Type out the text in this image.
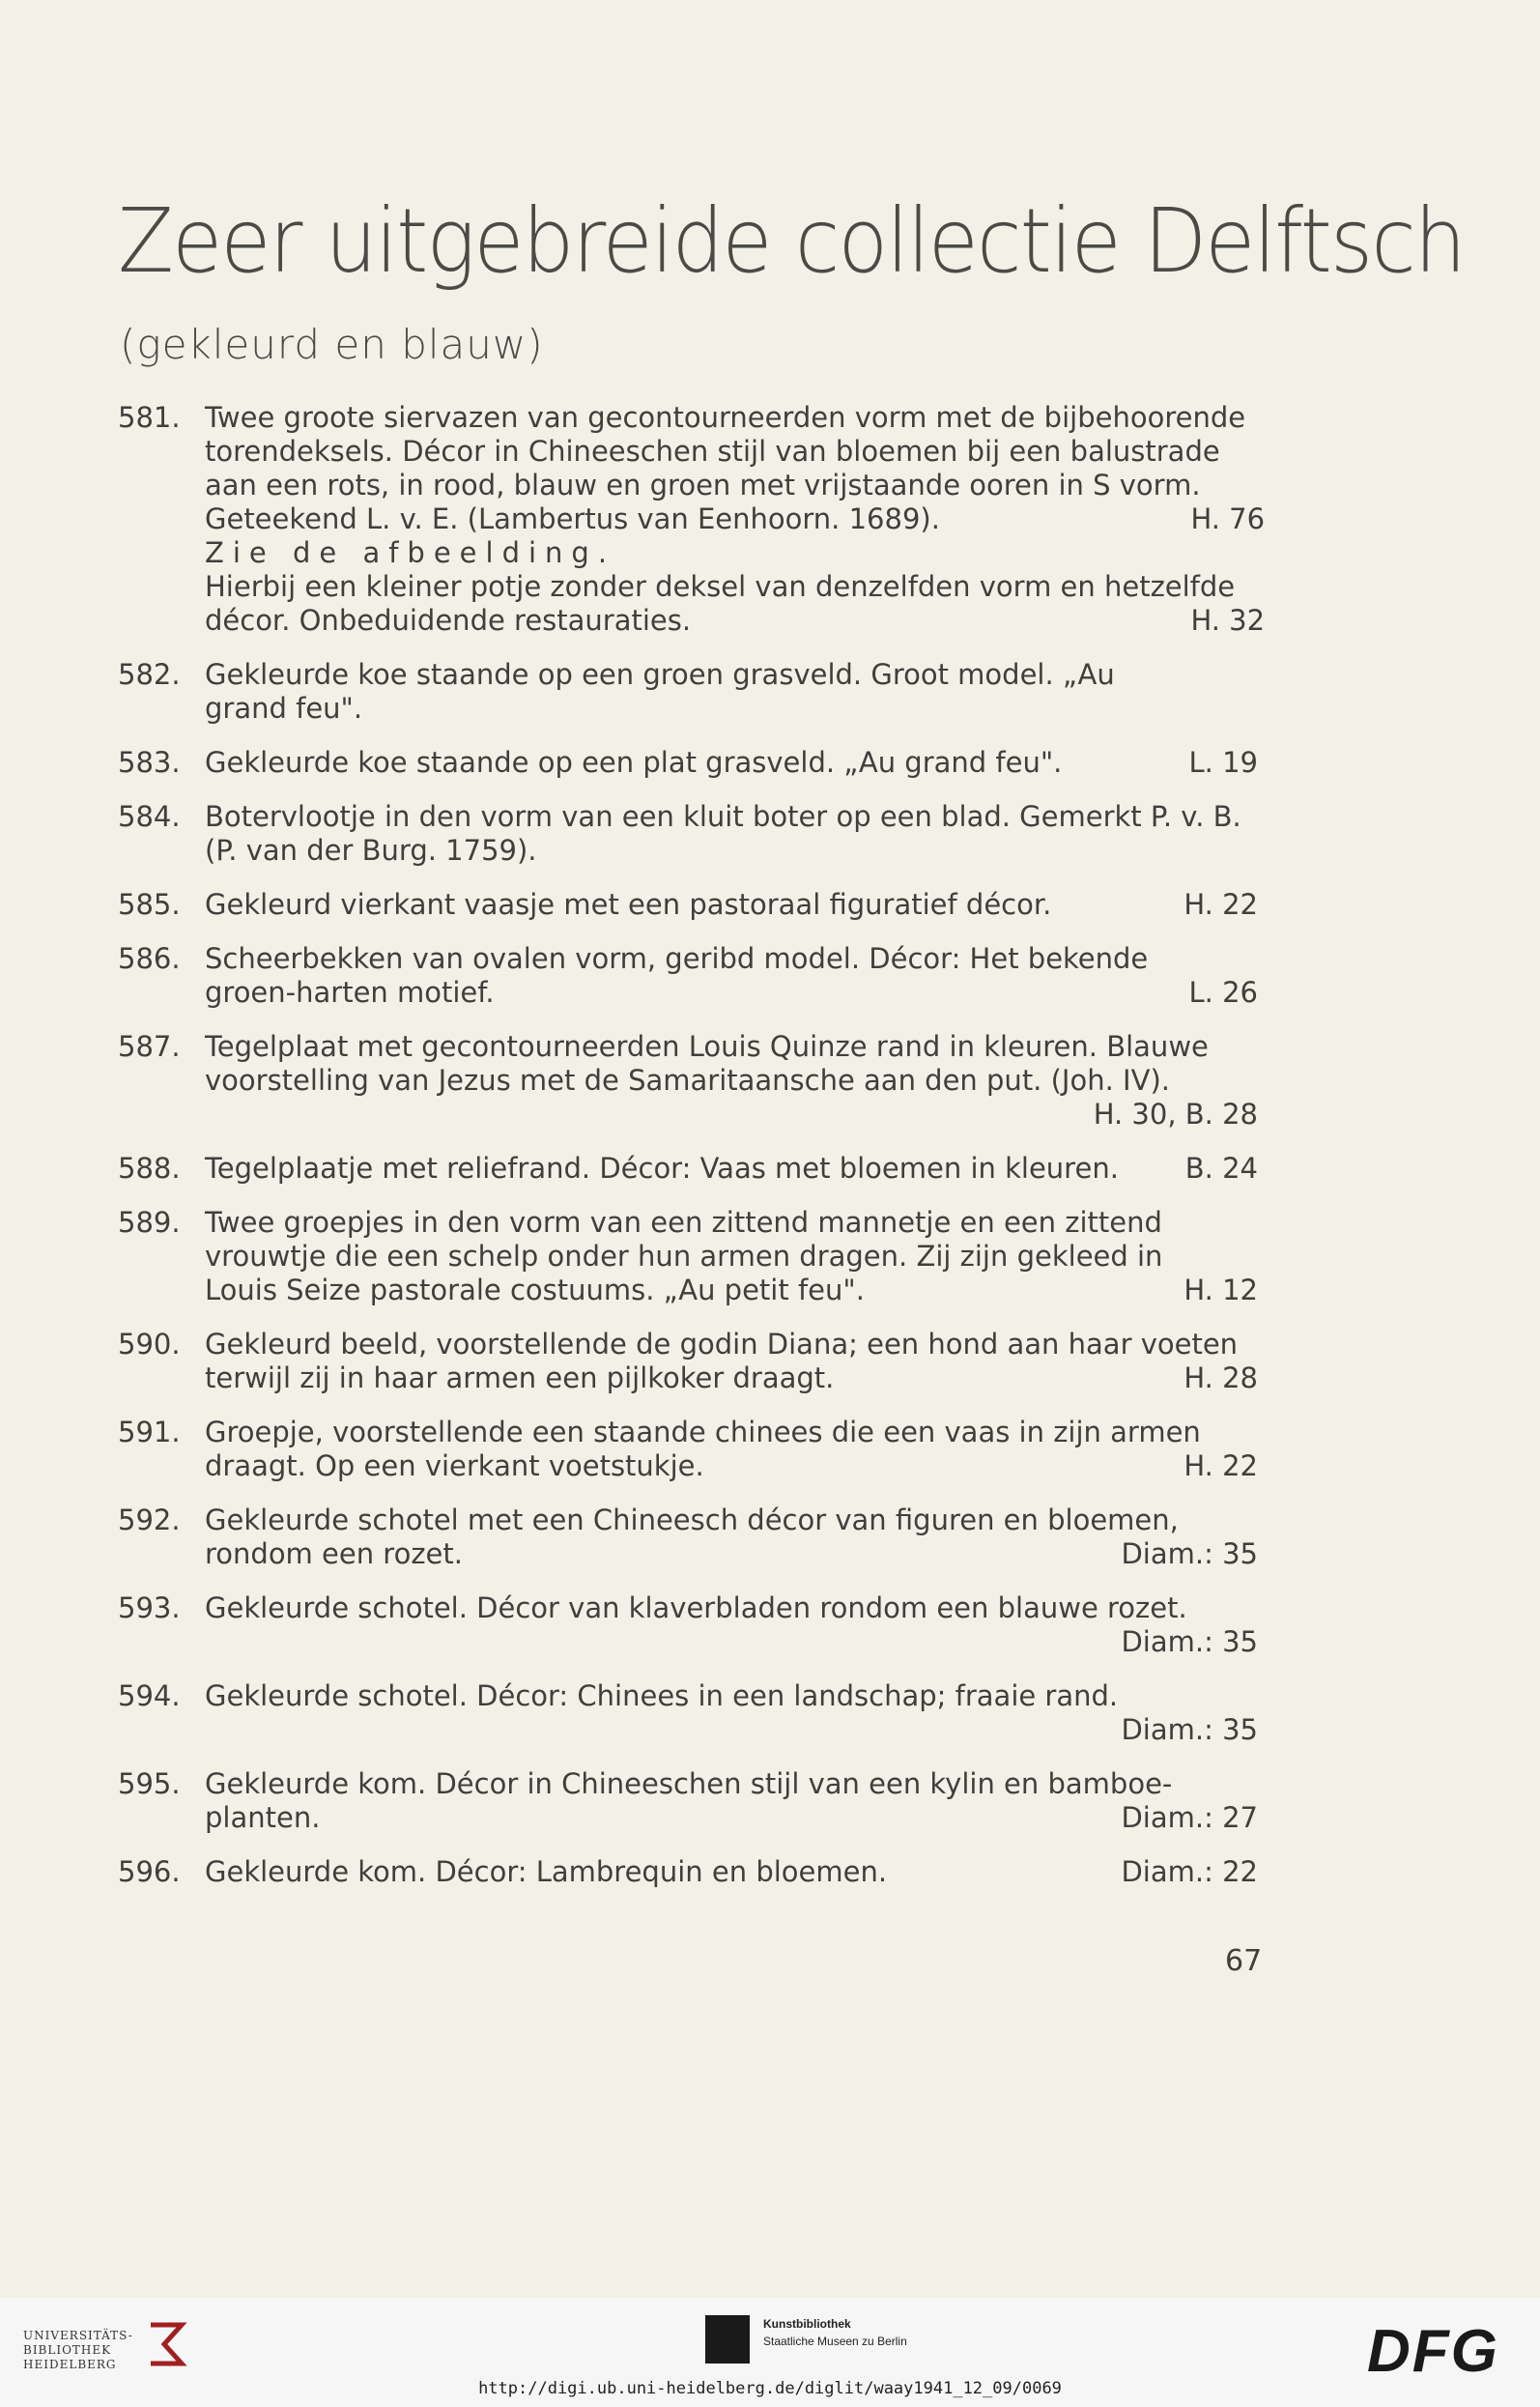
Zeer uitgebreide collectie Delftsch
(gekleurd en blauw)
581. Twee groote siervazen van gecontourneerden vorm met de bijbehoorende
torendeksels. Décor in Chineeschen stijl van bloemen bij een balustrade
aan een rots, in rood, blauw en groen met vrijstaande ooren in S vorm.
Geteekend L. v. E. (Lambertus van Eenhoorn. 1689).	H. 76
Zie de afbeelding.
Hierbij een kleiner potje zonder deksel van denzelfden vorm en hetzelfde
décor. Onbeduidende restauraties.	H. 32
582. Gekleurde koe staande op een groen grasveld. Groot model. „Au
grand feu".
583. Gekleurde koe staande op een plat grasveld. „Au grand feu".	L. 19
584. Botervlootje in den vorm van een kluit boter op een blad. Gemerkt P. v. B.
(P. van der Burg. 1759).
585. Gekleurd vierkant vaasje met een pastoraal figuratief décor.	H. 22
586. Scheerbekken van ovalen vorm, geribd model. Décor: Het bekende
groen-harten motief.	L. 26
587. Tegelplaat met gecontourneerden Louis Quinze rand in kleuren. Blauwe
voorstelling van Jezus met de Samaritaansche aan den put. (Joh. IV).
H. 30, B. 28
588. Tegelplaatje met reliefrand. Décor: Vaas met bloemen in kleuren.	B. 24
589. Twee groepjes in den vorm van een zittend mannetje en een zittend
vrouwtje die een schelp onder hun armen dragen. Zij zijn gekleed in
Louis Seize pastorale costuums. „Au petit feu".	H. 12
590. Gekleurd beeld, voorstellende de godin Diana; een hond aan haar voeten
terwijl zij in haar armen een pijlkoker draagt.	H. 28
591. Groepje, voorstellende een staande chinees die een vaas in zijn armen
draagt. Op een vierkant voetstukje.	H. 22
592. Gekleurde schotel met een Chineesch décor van figuren en bloemen,
rondom een rozet.	Diam.: 35
593. Gekleurde schotel. Décor van klaverbladen rondom een blauwe rozet.
Diam.: 35
594. Gekleurde schotel. Décor: Chinees in een landschap; fraaie rand.
Diam.: 35
595. Gekleurde kom. Décor in Chineeschen stijl van een kylin en bamboe-
planten.	Diam.: 27
596. Gekleurde kom. Décor: Lambrequin en bloemen.	Diam.: 22
67
UNIVERSITÄTS-
BIBLIOTHEK
HEIDELBERG
Kunstbibliothek
Staatliche Museen zu Berlin	DFG
http://digi.ub.uni-heidelberg.de/diglit/waay1941_12_09/0069
